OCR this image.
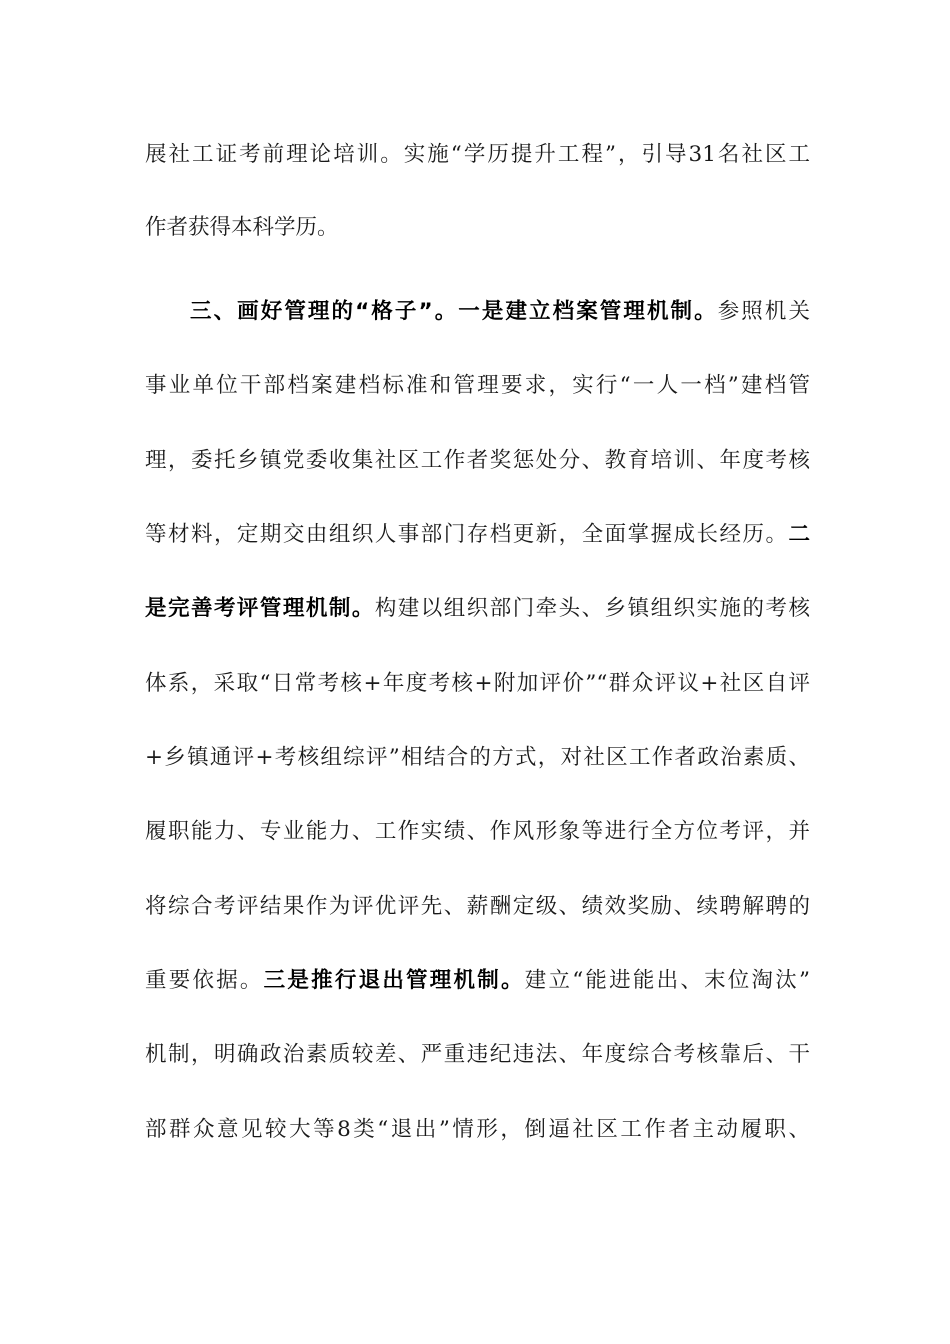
展社工证考前理论培训。实施“学历提升工程”，引导31名社区工
作者获得本科学历。
三、画好管理的“格子”。一是建立档案管理机制。参照机关
事业单位干部档案建档标准和管理要求，实行“一人一档”建档管
理，委托乡镇党委收集社区工作者奖惩处分、教育培训、年度考核
等材料，定期交由组织人事部门存档更新，全面掌握成长经历。二
是完善考评管理机制。构建以组织部门牵头、乡镇组织实施的考核
体系，采取“日常考核+年度考核+附加评价”“群众评议+社区自评
+乡镇通评+考核组综评”相结合的方式，对社区工作者政治素质、
履职能力、专业能力、工作实绩、作风形象等进行全方位考评，并
将综合考评结果作为评优评先、薪酬定级、绩效奖励、续聘解聘的
重要依据。三是推行退出管理机制。建立“能进能出、末位淘汰”
机制，明确政治素质较差、严重违纪违法、年度综合考核靠后、干
部群众意见较大等8类“退出”情形，倒逼社区工作者主动履职、
